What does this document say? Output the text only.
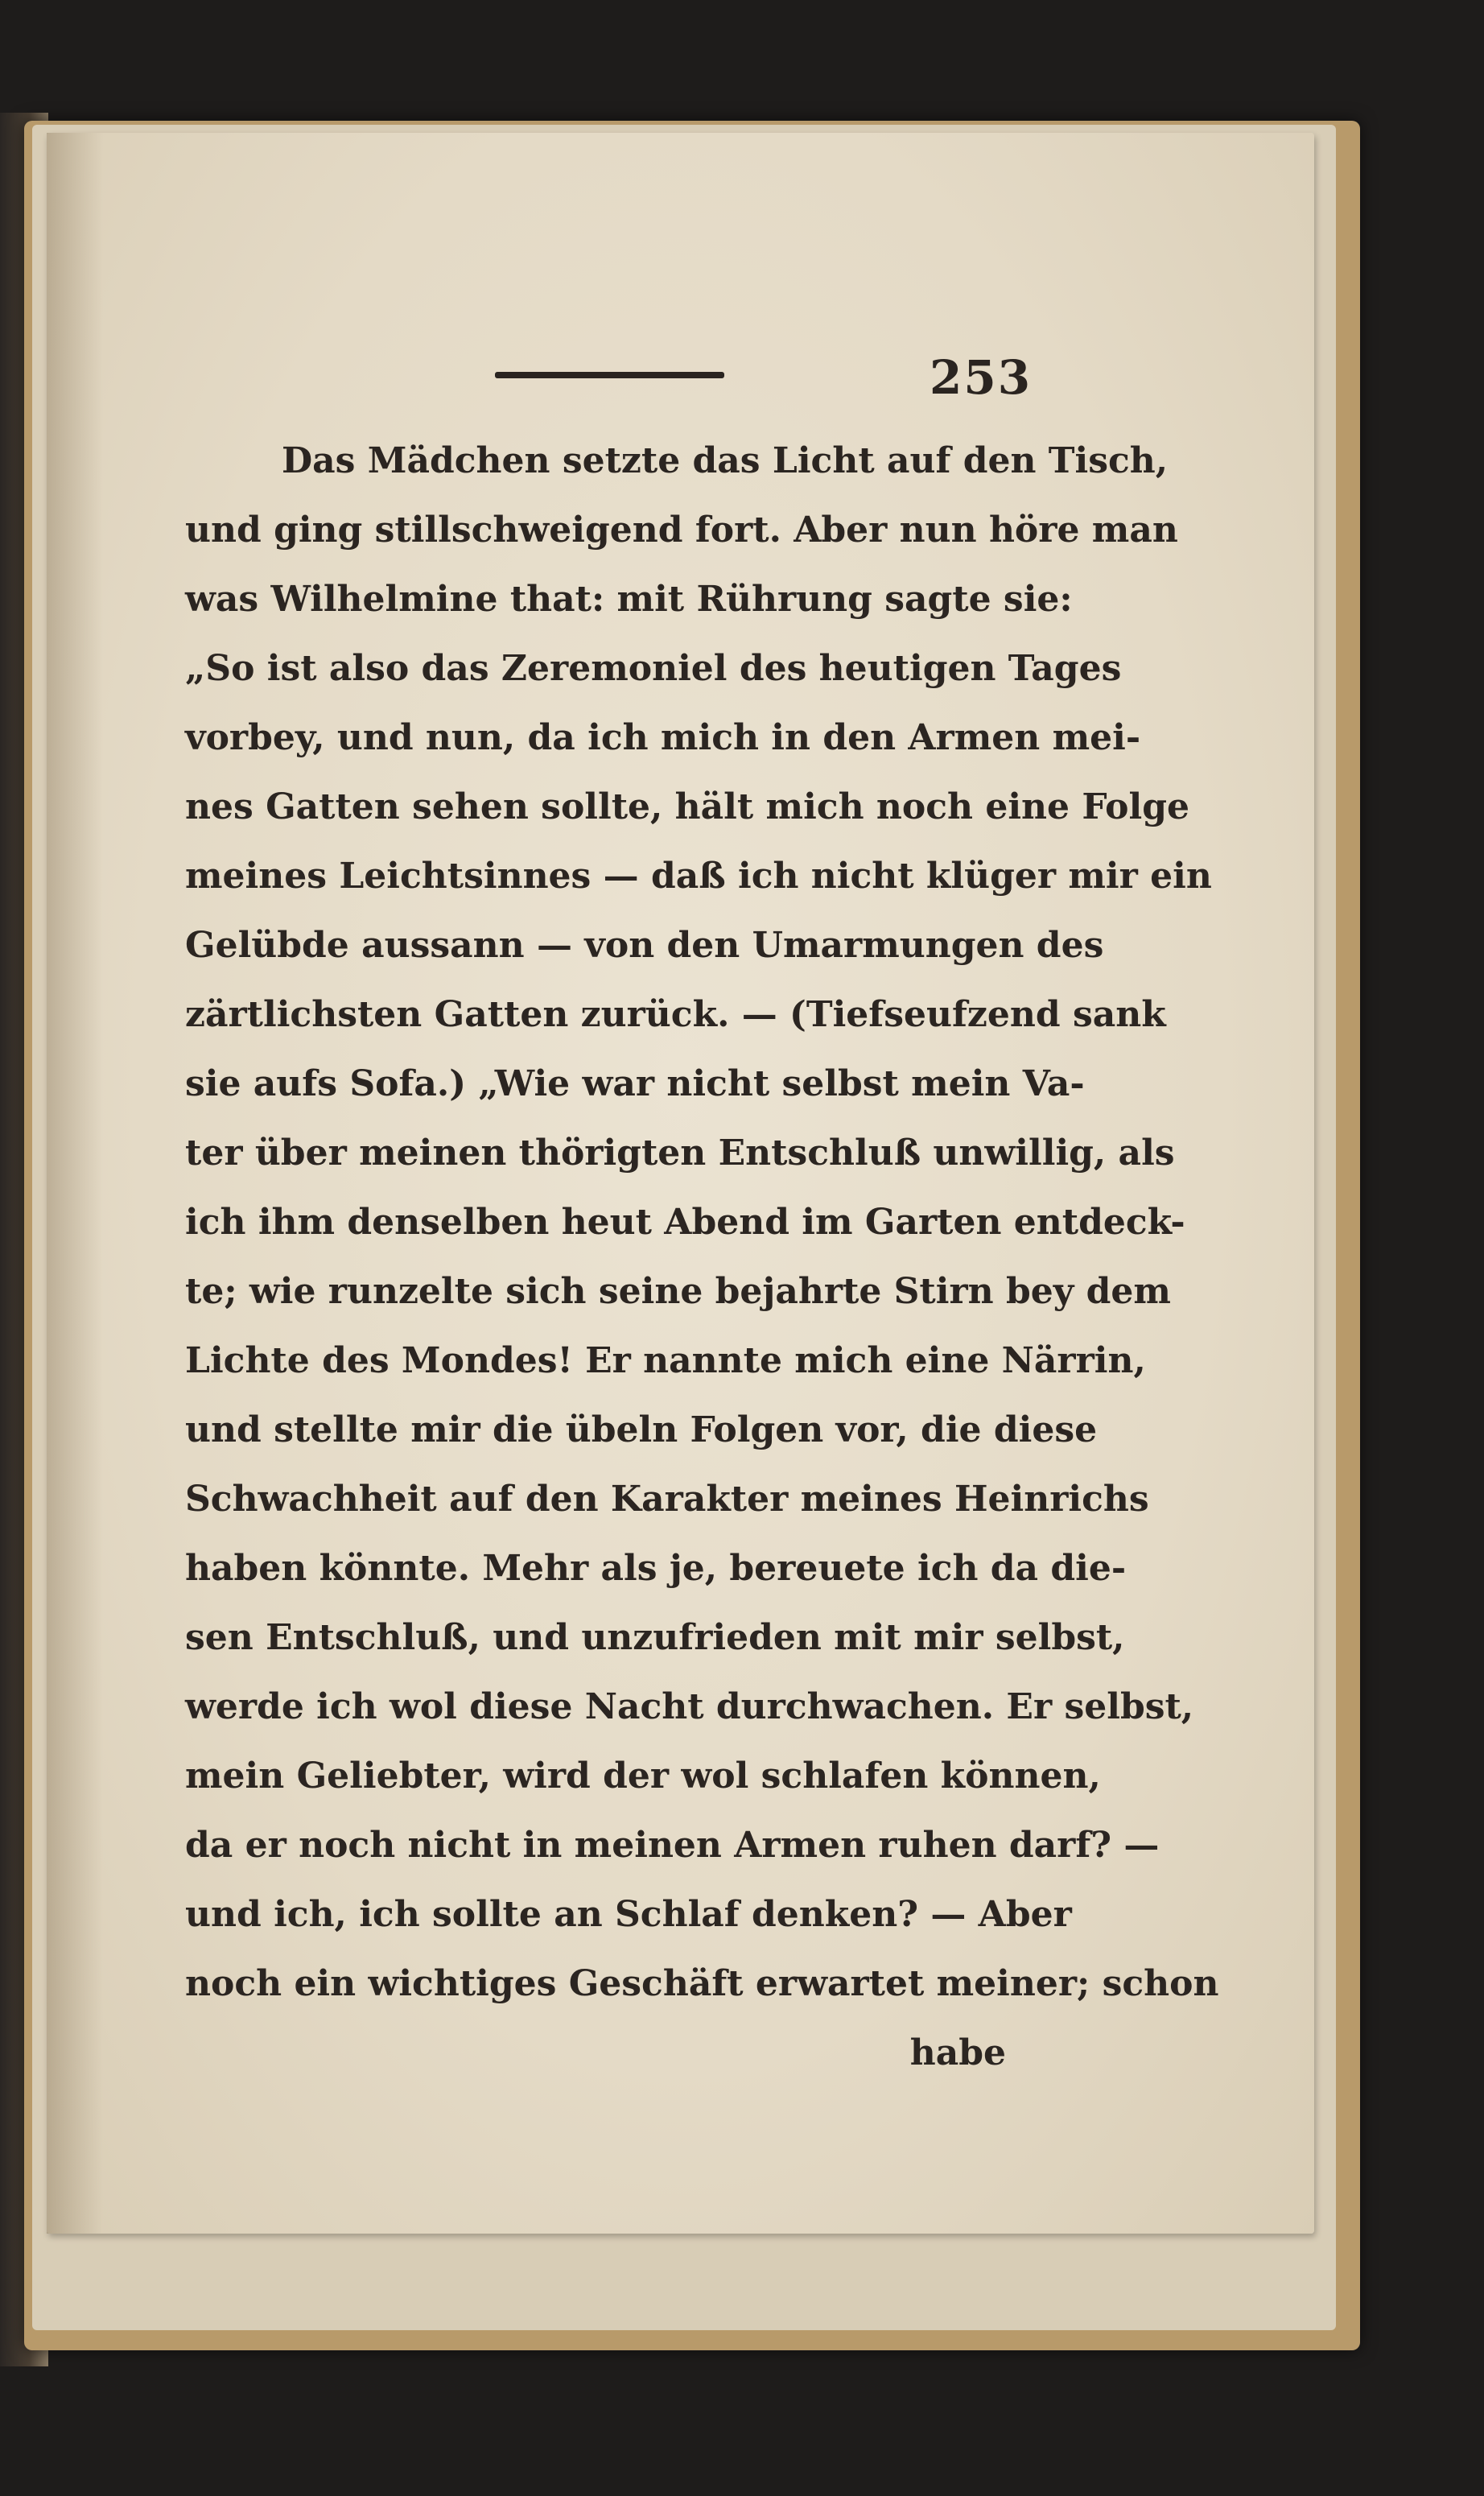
253
Das Mädchen setzte das Licht auf den Tisch,
und ging stillschweigend fort. Aber nun höre man
was Wilhelmine that: mit Rührung sagte sie:
„So ist also das Zeremoniel des heutigen Tages
vorbey, und nun, da ich mich in den Armen mei-
nes Gatten sehen sollte, hält mich noch eine Folge
meines Leichtsinnes — daß ich nicht klüger mir ein
Gelübde aussann — von den Umarmungen des
zärtlichsten Gatten zurück. — (Tiefseufzend sank
sie aufs Sofa.) „Wie war nicht selbst mein Va-
ter über meinen thörigten Entschluß unwillig, als
ich ihm denselben heut Abend im Garten entdeck-
te; wie runzelte sich seine bejahrte Stirn bey dem
Lichte des Mondes! Er nannte mich eine Närrin,
und stellte mir die übeln Folgen vor, die diese
Schwachheit auf den Karakter meines Heinrichs
haben könnte. Mehr als je, bereuete ich da die-
sen Entschluß, und unzufrieden mit mir selbst,
werde ich wol diese Nacht durchwachen. Er selbst,
mein Geliebter, wird der wol schlafen können,
da er noch nicht in meinen Armen ruhen darf? —
und ich, ich sollte an Schlaf denken? — Aber
noch ein wichtiges Geschäft erwartet meiner; schon
habe
